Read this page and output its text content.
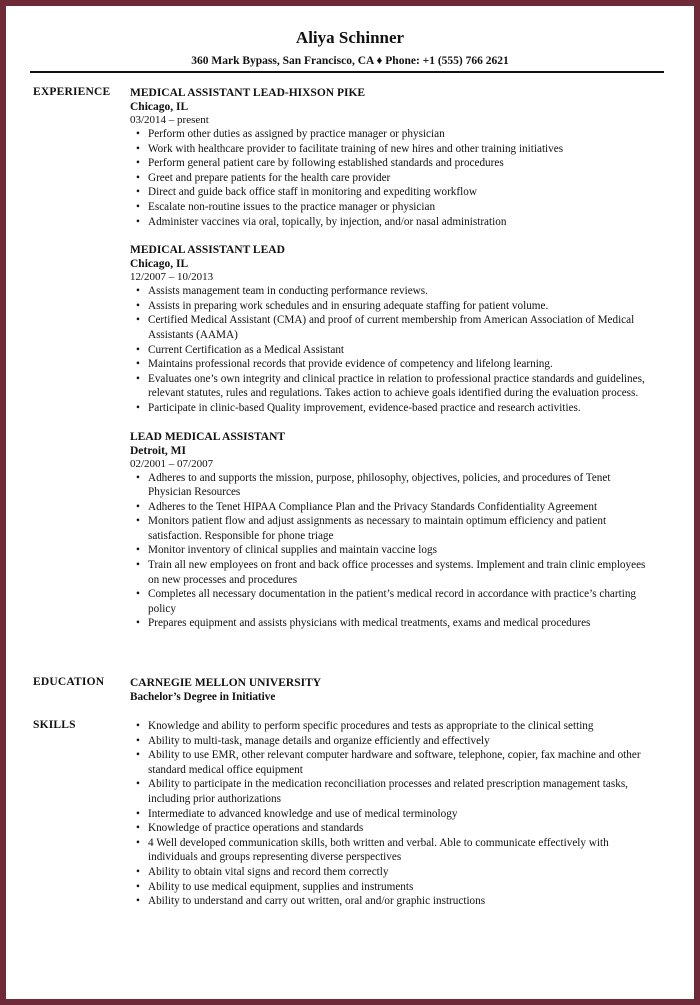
Aliya Schinner
360 Mark Bypass, San Francisco, CA ♦ Phone: +1 (555) 766 2621
EXPERIENCE MEDICAL ASSISTANT LEAD-HIXSON PIKE
Chicago, IL
03/2014 – present
• Perform other duties as assigned by practice manager or physician
• Work with healthcare provider to facilitate training of new hires and other training initiatives
• Perform general patient care by following established standards and procedures
• Greet and prepare patients for the health care provider
• Direct and guide back office staff in monitoring and expediting workflow
• Escalate non-routine issues to the practice manager or physician
• Administer vaccines via oral, topically, by injection, and/or nasal administration
MEDICAL ASSISTANT LEAD
Chicago, IL
12/2007 – 10/2013
• Assists management team in conducting performance reviews.
• Assists in preparing work schedules and in ensuring adequate staffing for patient volume.
• Certified Medical Assistant (CMA) and proof of current membership from American Association of Medical Assistants (AAMA)
• Current Certification as a Medical Assistant
• Maintains professional records that provide evidence of competency and lifelong learning.
• Evaluates one’s own integrity and clinical practice in relation to professional practice standards and guidelines, relevant statutes, rules and regulations. Takes action to achieve goals identified during the evaluation process.
• Participate in clinic-based Quality improvement, evidence-based practice and research activities.
LEAD MEDICAL ASSISTANT
Detroit, MI
02/2001 – 07/2007
• Adheres to and supports the mission, purpose, philosophy, objectives, policies, and procedures of Tenet Physician Resources
• Adheres to the Tenet HIPAA Compliance Plan and the Privacy Standards Confidentiality Agreement
• Monitors patient flow and adjust assignments as necessary to maintain optimum efficiency and patient satisfaction. Responsible for phone triage
• Monitor inventory of clinical supplies and maintain vaccine logs
• Train all new employees on front and back office processes and systems. Implement and train clinic employees on new processes and procedures
• Completes all necessary documentation in the patient’s medical record in accordance with practice’s charting policy
• Prepares equipment and assists physicians with medical treatments, exams and medical procedures
EDUCATION CARNEGIE MELLON UNIVERSITY
Bachelor’s Degree in Initiative
SKILLS
•	Knowledge and ability to perform specific procedures and tests as appropriate to the clinical setting
• Ability to multi-task, manage details and organize efficiently and effectively
• Ability to use EMR, other relevant computer hardware and software, telephone, copier, fax machine and other standard medical office equipment
• Ability to participate in the medication reconciliation processes and related prescription management tasks, including prior authorizations
• Intermediate to advanced knowledge and use of medical terminology
• Knowledge of practice operations and standards
• 4 Well developed communication skills, both written and verbal. Able to communicate effectively with individuals and groups representing diverse perspectives
• Ability to obtain vital signs and record them correctly
• Ability to use medical equipment, supplies and instruments
• Ability to understand and carry out written, oral and/or graphic instructions
